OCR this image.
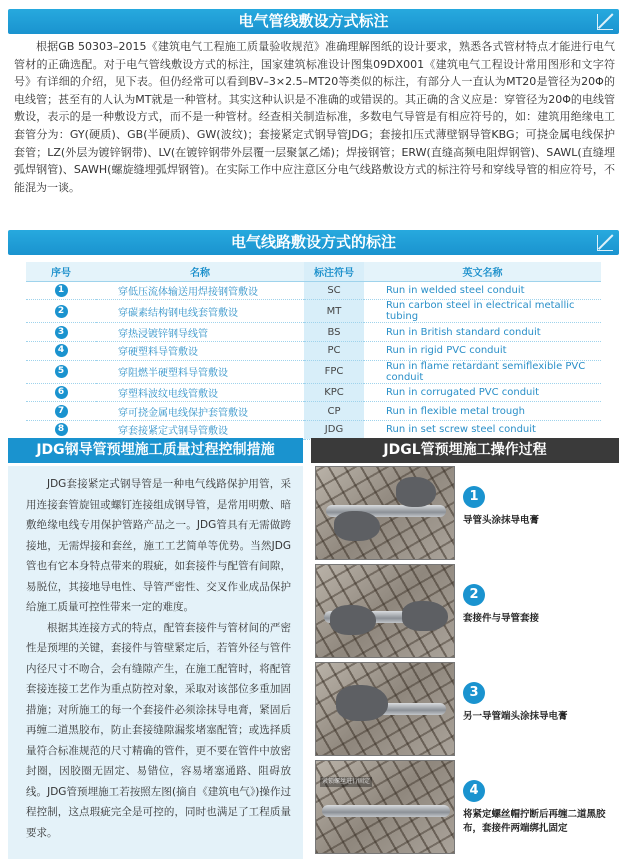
电气管线敷设方式标注
根据GB 50303–2015《建筑电气工程施工质量验收规范》准确理解图纸的设计要求，熟悉各式管材特点才能进行电气管材的正确选配。对于电气管线敷设方式的标注，国家建筑标准设计图集09DX001《建筑电气工程设计常用图形和文字符号》有详细的介绍，见下表。但仍经常可以看到BV–3×2.5–MT20等类似的标注，有部分人一直认为MT20是管径为20Φ的电线管；甚至有的人认为MT就是一种管材。其实这种认识是不准确的或错误的。其正确的含义应是：穿管径为20Φ的电线管敷设，表示的是一种敷设方式，而不是一种管材。经查相关制造标准，多数电气导管是有相应符号的，如：建筑用绝缘电工套管分为：GY(硬质)、GB(半硬质)、GW(波纹)；套接紧定式钢导管JDG；套接扣压式薄壁钢导管KBG；可挠金属电线保护套管；LZ(外层为镀锌钢带)、LV(在镀锌钢带外层覆一层聚氯乙烯)；焊接钢管；ERW(直缝高频电阻焊钢管)、SAWL(直缝埋弧焊钢管)、SAWH(螺旋缝埋弧焊钢管)。在实际工作中应注意区分电气线路敷设方式的标注符号和穿线导管的相应符号，不能混为一谈。
电气线路敷设方式的标注
序号	名称	标注符号	英文名称
1	穿低压流体输送用焊接钢管敷设	SC	Run in welded steel conduit
2	穿碳素结构钢电线套管敷设	MT	Run carbon steel in electrical metallic tubing
3	穿热浸镀锌钢导线管	BS	Run in British standard conduit
4	穿硬塑料导管敷设	PC	Run in rigid PVC conduit
5	穿阻燃半硬塑料导管敷设	FPC	Run in flame retardant semiflexible PVC conduit
6	穿塑料波纹电线管敷设	KPC	Run in corrugated PVC conduit
7	穿可挠金属电线保护套管敷设	CP	Run in flexible metal trough
8	穿套接紧定式钢导管敷设	JDG	Run in set screw steel conduit
JDG钢导管预埋施工质量过程控制措施

JDG套接紧定式钢导管是一种电气线路保护用管，采用连接套管旋钮或螺钉连接组成钢导管，是常用明敷、暗敷绝缘电线专用保护管路产品之一。JDG管具有无需做跨接地，无需焊接和套丝，施工工艺简单等优势。当然JDG管也有它本身特点带来的瑕疵，如套接件与配管有间隙，易脱位，其接地导电性、导管严密性、交叉作业成品保护给施工质量可控性带来一定的难度。

根据其连接方式的特点，配管套接件与管材间的严密性是预埋的关键，套接件与管壁紧定后，若管外径与管件内径尺寸不吻合，会有缝隙产生，在施工配管时，将配管套接连接工艺作为重点防控对象，采取对该部位多重加固措施；对所施工的每一个套接件必须涂抹导电膏，紧固后再缠二道黑胶布，防止套接缝隙漏浆堵塞配管；或选择质量符合标准规范的尺寸精确的管件，更不要在管件中放密封圈，因胶圈无固定、易错位，容易堵塞通路、阻碍放线。JDG管预埋施工若按照左图(摘自《建筑电气》)操作过程控制，这点瑕疵完全是可控的，同时也满足了工程质量要求。

JDGL管预埋施工操作过程
1
导管头涂抹导电膏
2
套接件与导管套接
3
另一导管端头涂抹导电膏
紧锁螺丝进行固定
4
将紧定螺丝帽拧断后再缠二道黑胶布，套接件两端绑扎固定
